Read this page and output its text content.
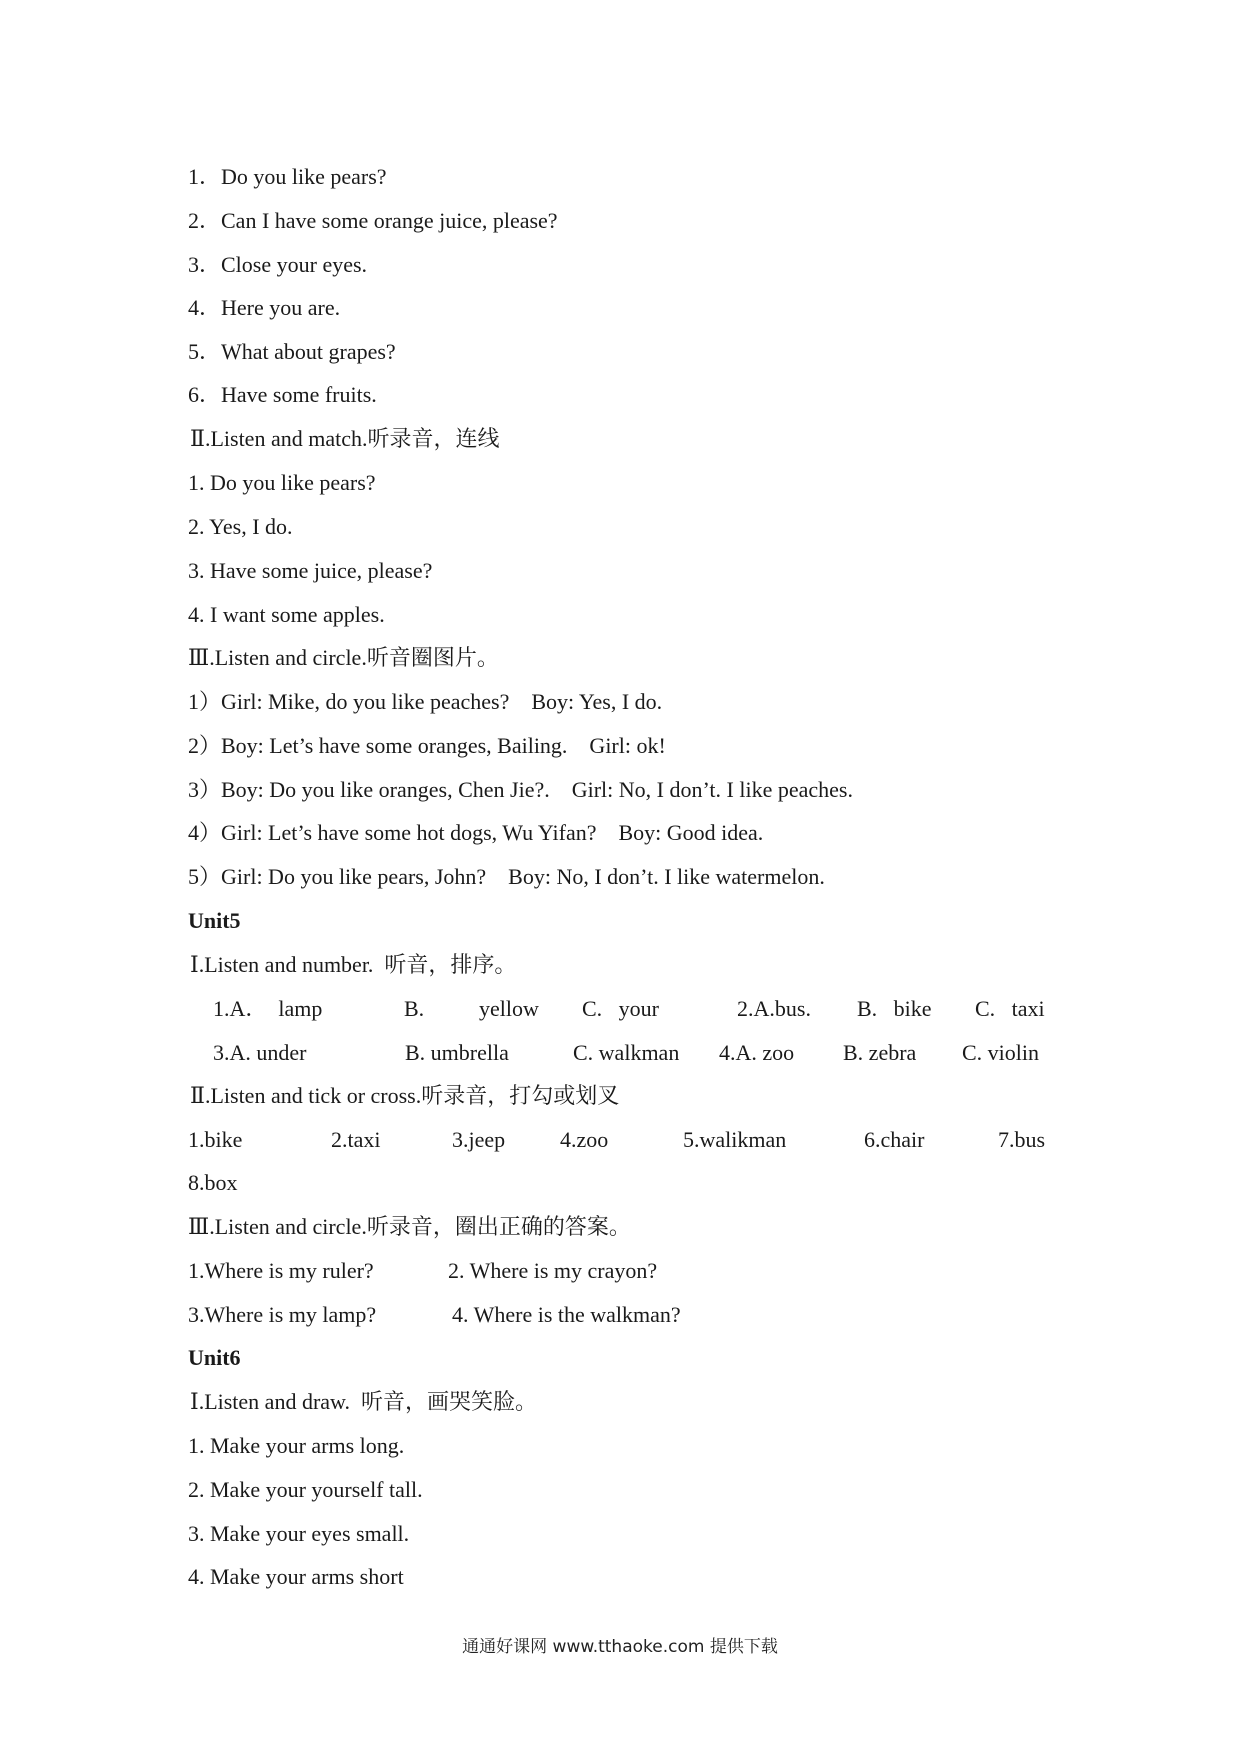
1．Do you like pears?
2．Can I have some orange juice, please?
3．Close your eyes.
4．Here you are.
5．What about grapes?
6．Have some fruits.
Ⅱ.Listen and match.听录音，连线
1. Do you like pears?
2. Yes, I do.
3. Have some juice, please?
4. I want some apples.
Ⅲ.Listen and circle.听音圈图片。
1）Girl: Mike, do you like peaches?    Boy: Yes, I do.
2）Boy: Let’s have some oranges, Bailing.    Girl: ok!
3）Boy: Do you like oranges, Chen Jie?.    Girl: No, I don’t. I like peaches.
4）Girl: Let’s have some hot dogs, Wu Yifan?    Boy: Good idea.
5）Girl: Do you like pears, John?    Boy: No, I don’t. I like watermelon.
Unit5
Ⅰ.Listen and number.  听音，排序。
1.A．  lamp	B. yellow C.   your	2.A.bus. B.   bike C.   taxi
3.A. under	B. umbrella	C. walkman 4.A. zoo B. zebra C. violin
Ⅱ.Listen and tick or cross.听录音，打勾或划叉
1.bike	2.taxi	3.jeep 4.zoo	5.walikman	6.chair	7.bus
8.box
Ⅲ.Listen and circle.听录音，圈出正确的答案。
1.Where is my ruler?	2. Where is my crayon?
3.Where is my lamp?	4. Where is the walkman?
Unit6
Ⅰ.Listen and draw.  听音，画哭笑脸。
1. Make your arms long.
2. Make your yourself tall.
3. Make your eyes small.
4. Make your arms short
通通好课网 www.tthaoke.com 提供下载
